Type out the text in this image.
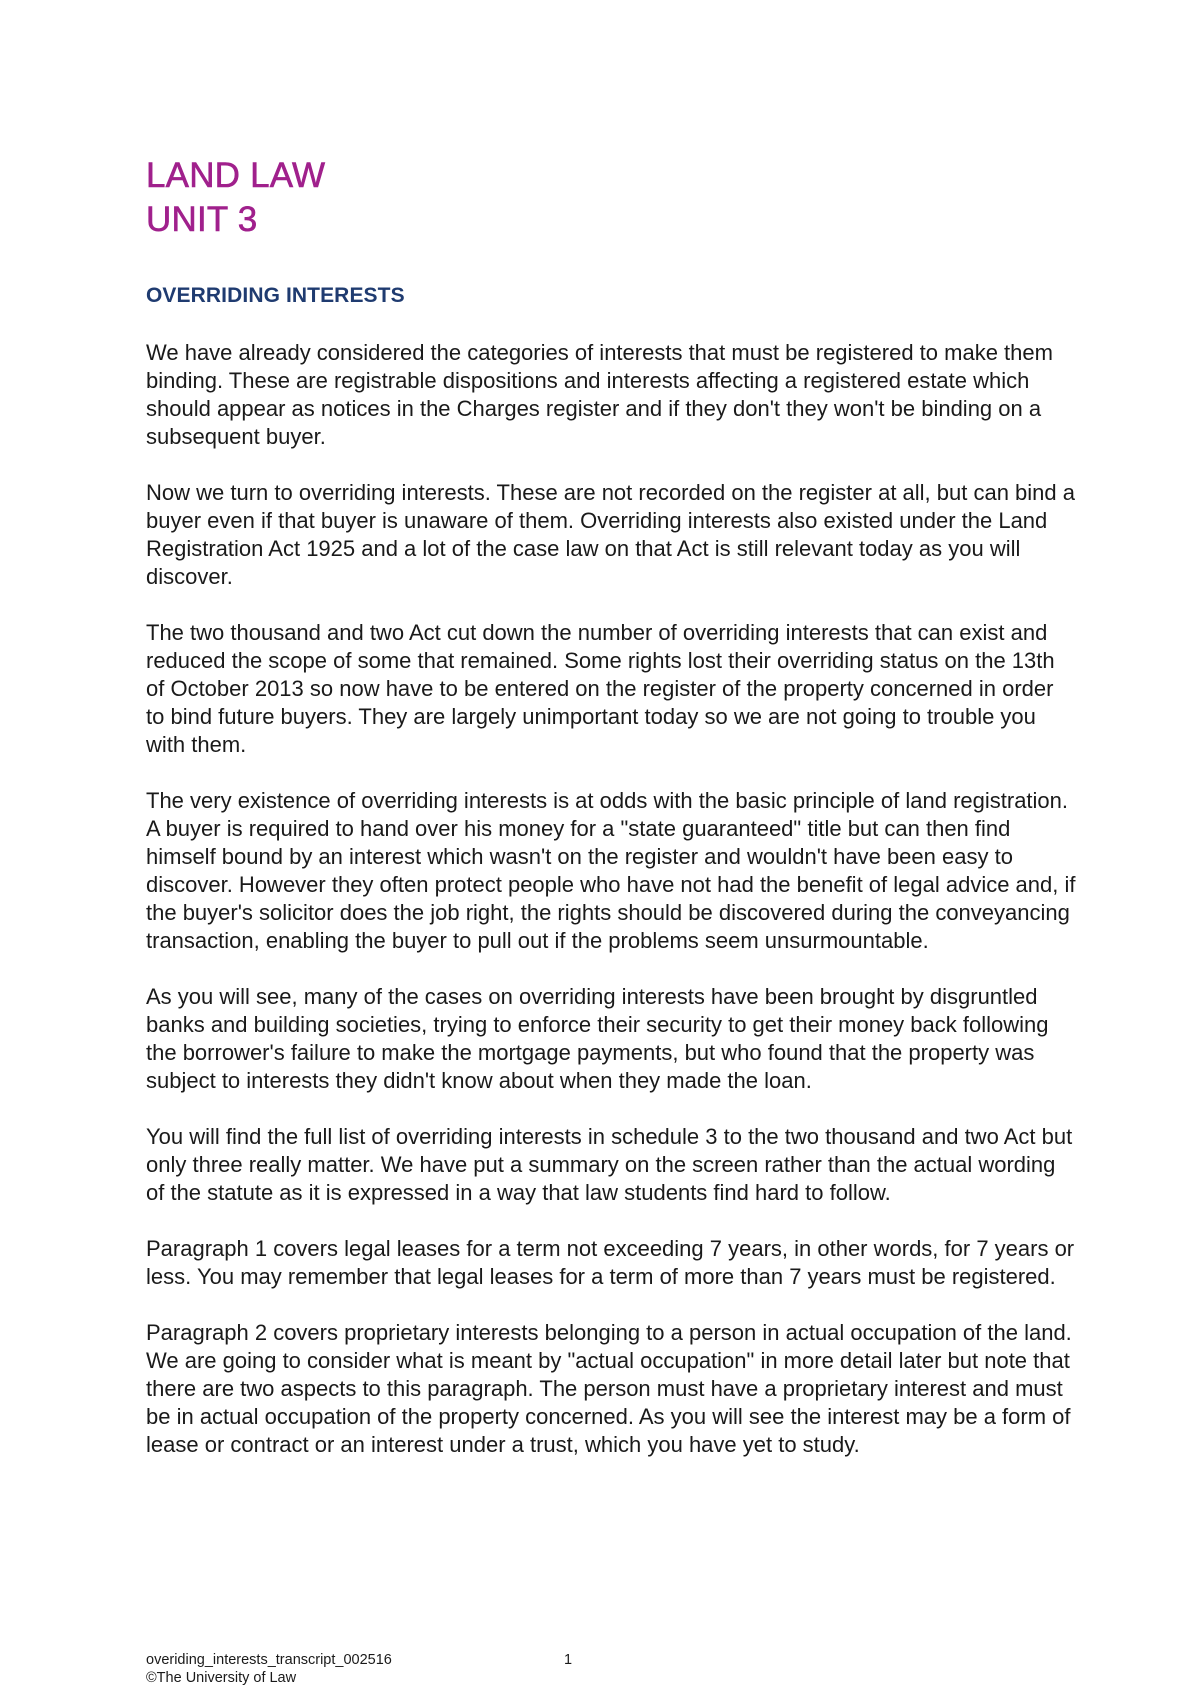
LAND LAW
UNIT 3
OVERRIDING INTERESTS

We have already considered the categories of interests that must be registered to make them binding. These are registrable dispositions and interests affecting a registered estate which should appear as notices in the Charges register and if they don't they won't be binding on a subsequent buyer.

Now we turn to overriding interests. These are not recorded on the register at all, but can bind a buyer even if that buyer is unaware of them. Overriding interests also existed under the Land Registration Act 1925 and a lot of the case law on that Act is still relevant today as you will discover.

The two thousand and two Act cut down the number of overriding interests that can exist and reduced the scope of some that remained. Some rights lost their overriding status on the 13th of October 2013 so now have to be entered on the register of the property concerned in order to bind future buyers. They are largely unimportant today so we are not going to trouble you with them.

The very existence of overriding interests is at odds with the basic principle of land registration. A buyer is required to hand over his money for a "state guaranteed" title but can then find himself bound by an interest which wasn't on the register and wouldn't have been easy to discover. However they often protect people who have not had the benefit of legal advice and, if the buyer's solicitor does the job right, the rights should be discovered during the conveyancing transaction, enabling the buyer to pull out if the problems seem unsurmountable.

As you will see, many of the cases on overriding interests have been brought by disgruntled banks and building societies, trying to enforce their security to get their money back following the borrower's failure to make the mortgage payments, but who found that the property was subject to interests they didn't know about when they made the loan.

You will find the full list of overriding interests in schedule 3 to the two thousand and two Act but only three really matter. We have put a summary on the screen rather than the actual wording of the statute as it is expressed in a way that law students find hard to follow.

Paragraph 1 covers legal leases for a term not exceeding 7 years, in other words, for 7 years or less. You may remember that legal leases for a term of more than 7 years must be registered.

Paragraph 2 covers proprietary interests belonging to a person in actual occupation of the land. We are going to consider what is meant by "actual occupation" in more detail later but note that there are two aspects to this paragraph. The person must have a proprietary interest and must be in actual occupation of the property concerned. As you will see the interest may be a form of lease or contract or an interest under a trust, which you have yet to study.

overiding_interests_transcript_002516	1
©The University of Law
